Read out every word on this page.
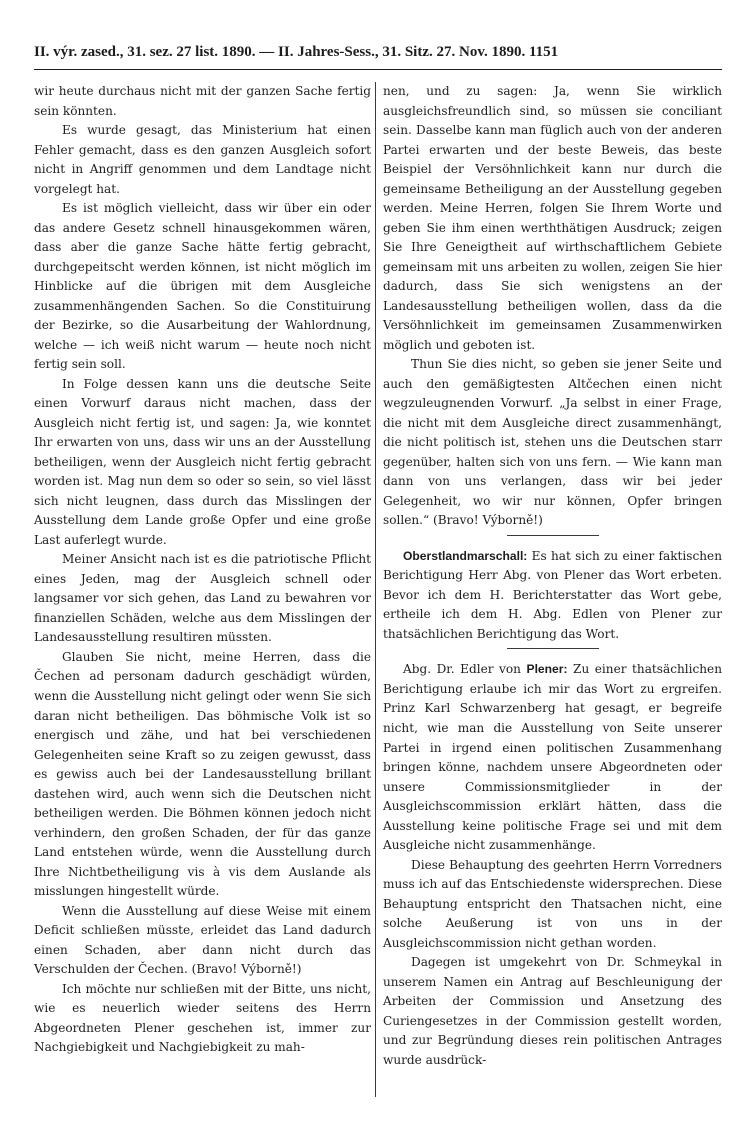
II. výr. zased., 31. sez. 27 list. 1890. — II. Jahres-Sess., 31. Sitz. 27. Nov. 1890. 1151

wir heute durchaus nicht mit der ganzen Sache fertig sein könnten.

Es wurde gesagt, das Ministerium hat einen Fehler gemacht, dass es den ganzen Ausgleich sofort nicht in Angriff genommen und dem Landtage nicht vorgelegt hat.

Es ist möglich vielleicht, dass wir über ein oder das andere Gesetz schnell hinausgekommen wären, dass aber die ganze Sache hätte fertig gebracht, durchgepeitscht werden können, ist nicht möglich im Hinblicke auf die übrigen mit dem Ausgleiche zusammenhängenden Sachen. So die Constituirung der Bezirke, so die Ausarbeitung der Wahlordnung, welche — ich weiß nicht warum — heute noch nicht fertig sein soll.

In Folge dessen kann uns die deutsche Seite einen Vorwurf daraus nicht machen, dass der Ausgleich nicht fertig ist, und sagen: Ja, wie konntet Ihr erwarten von uns, dass wir uns an der Ausstellung betheiligen, wenn der Ausgleich nicht fertig gebracht worden ist. Mag nun dem so oder so sein, so viel lässt sich nicht leugnen, dass durch das Misslingen der Ausstellung dem Lande große Opfer und eine große Last auferlegt wurde.

Meiner Ansicht nach ist es die patriotische Pflicht eines Jeden, mag der Ausgleich schnell oder langsamer vor sich gehen, das Land zu bewahren vor finanziellen Schäden, welche aus dem Misslingen der Landesausstellung resultiren müssten.

Glauben Sie nicht, meine Herren, dass die Čechen ad personam dadurch geschädigt würden, wenn die Ausstellung nicht gelingt oder wenn Sie sich daran nicht betheiligen. Das böhmische Volk ist so energisch und zähe, und hat bei verschiedenen Gelegenheiten seine Kraft so zu zeigen gewusst, dass es gewiss auch bei der Landesausstellung brillant dastehen wird, auch wenn sich die Deutschen nicht betheiligen werden. Die Böhmen können jedoch nicht verhindern, den großen Schaden, der für das ganze Land entstehen würde, wenn die Ausstellung durch Ihre Nichtbetheiligung vis à vis dem Auslande als misslungen hingestellt würde.

Wenn die Ausstellung auf diese Weise mit einem Deficit schließen müsste, erleidet das Land dadurch einen Schaden, aber dann nicht durch das Verschulden der Čechen. (Bravo! Výborně!)

Ich möchte nur schließen mit der Bitte, uns nicht, wie es neuerlich wieder seitens des Herrn Abgeordneten Plener geschehen ist, immer zur Nachgiebigkeit und Nachgiebigkeit zu mah-

nen, und zu sagen: Ja, wenn Sie wirklich ausgleichsfreundlich sind, so müssen sie conciliant sein. Dasselbe kann man füglich auch von der anderen Partei erwarten und der beste Beweis, das beste Beispiel der Versöhnlichkeit kann nur durch die gemeinsame Betheiligung an der Ausstellung gegeben werden. Meine Herren, folgen Sie Ihrem Worte und geben Sie ihm einen werththätigen Ausdruck; zeigen Sie Ihre Geneigtheit auf wirthschaftlichem Gebiete gemeinsam mit uns arbeiten zu wollen, zeigen Sie hier dadurch, dass Sie sich wenigstens an der Landesausstellung betheiligen wollen, dass da die Versöhnlichkeit im gemeinsamen Zusammenwirken möglich und geboten ist.

Thun Sie dies nicht, so geben sie jener Seite und auch den gemäßigtesten Altčechen einen nicht wegzuleugnenden Vorwurf. „Ja selbst in einer Frage, die nicht mit dem Ausgleiche direct zusammenhängt, die nicht politisch ist, stehen uns die Deutschen starr gegenüber, halten sich von uns fern. — Wie kann man dann von uns verlangen, dass wir bei jeder Gelegenheit, wo wir nur können, Opfer bringen sollen.“ (Bravo! Výborně!)

Oberstlandmarschall: Es hat sich zu einer faktischen Berichtigung Herr Abg. von Plener das Wort erbeten. Bevor ich dem H. Berichterstatter das Wort gebe, ertheile ich dem H. Abg. Edlen von Plener zur thatsächlichen Berichtigung das Wort.

Abg. Dr. Edler von Plener: Zu einer thatsächlichen Berichtigung erlaube ich mir das Wort zu ergreifen. Prinz Karl Schwarzenberg hat gesagt, er begreife nicht, wie man die Ausstellung von Seite unserer Partei in irgend einen politischen Zusammenhang bringen könne, nachdem unsere Abgeordneten oder unsere Commissionsmitglieder in der Ausgleichscommission erklärt hätten, dass die Ausstellung keine politische Frage sei und mit dem Ausgleiche nicht zusammenhänge.

Diese Behauptung des geehrten Herrn Vorredners muss ich auf das Entschiedenste widersprechen. Diese Behauptung entspricht den Thatsachen nicht, eine solche Aeußerung ist von uns in der Ausgleichscommission nicht gethan worden.

Dagegen ist umgekehrt von Dr. Schmeykal in unserem Namen ein Antrag auf Beschleunigung der Arbeiten der Commission und Ansetzung des Curiengesetzes in der Commission gestellt worden, und zur Begründung dieses rein politischen Antrages wurde ausdrück-
